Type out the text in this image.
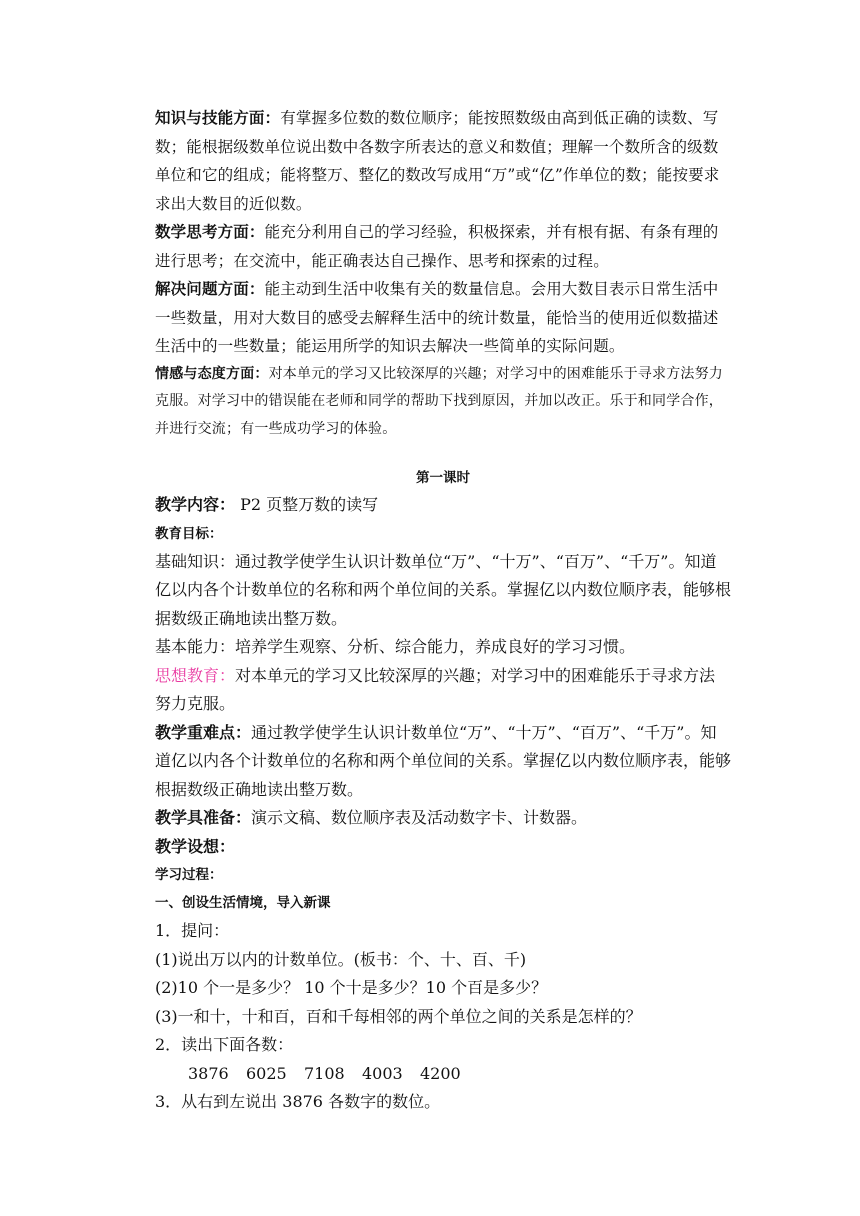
知识与技能方面：有掌握多位数的数位顺序；能按照数级由高到低正确的读数、写数；能根据级数单位说出数中各数字所表达的意义和数值；理解一个数所含的级数单位和它的组成；能将整万、整亿的数改写成用“万”或“亿”作单位的数；能按要求求出大数目的近似数。

数学思考方面：能充分利用自己的学习经验，积极探索，并有根有据、有条有理的进行思考；在交流中，能正确表达自己操作、思考和探索的过程。

解决问题方面：能主动到生活中收集有关的数量信息。会用大数目表示日常生活中一些数量，用对大数目的感受去解释生活中的统计数量，能恰当的使用近似数描述生活中的一些数量；能运用所学的知识去解决一些简单的实际问题。

情感与态度方面：对本单元的学习又比较深厚的兴趣；对学习中的困难能乐于寻求方法努力克服。对学习中的错误能在老师和同学的帮助下找到原因，并加以改正。乐于和同学合作，并进行交流；有一些成功学习的体验。

第一课时

教学内容： P2 页整万数的读写

教育目标：

基础知识：通过教学使学生认识计数单位“万”、“十万”、“百万”、“千万”。知道亿以内各个计数单位的名称和两个单位间的关系。掌握亿以内数位顺序表，能够根据数级正确地读出整万数。

基本能力：培养学生观察、分析、综合能力，养成良好的学习习惯。

思想教育：对本单元的学习又比较深厚的兴趣；对学习中的困难能乐于寻求方法努力克服。

教学重难点：通过教学使学生认识计数单位“万”、“十万”、“百万”、“千万”。知道亿以内各个计数单位的名称和两个单位间的关系。掌握亿以内数位顺序表，能够根据数级正确地读出整万数。

教学具准备：演示文稿、数位顺序表及活动数字卡、计数器。

教学设想：

学习过程：

一、创设生活情境，导入新课

1．提问：

(1)说出万以内的计数单位。(板书：个、十、百、千)

(2)10 个一是多少？ 10 个十是多少？10 个百是多少？

(3)一和十，十和百，百和千每相邻的两个单位之间的关系是怎样的？

2．读出下面各数：

3876 6025 7108 4003 4200

3．从右到左说出 3876 各数字的数位。
